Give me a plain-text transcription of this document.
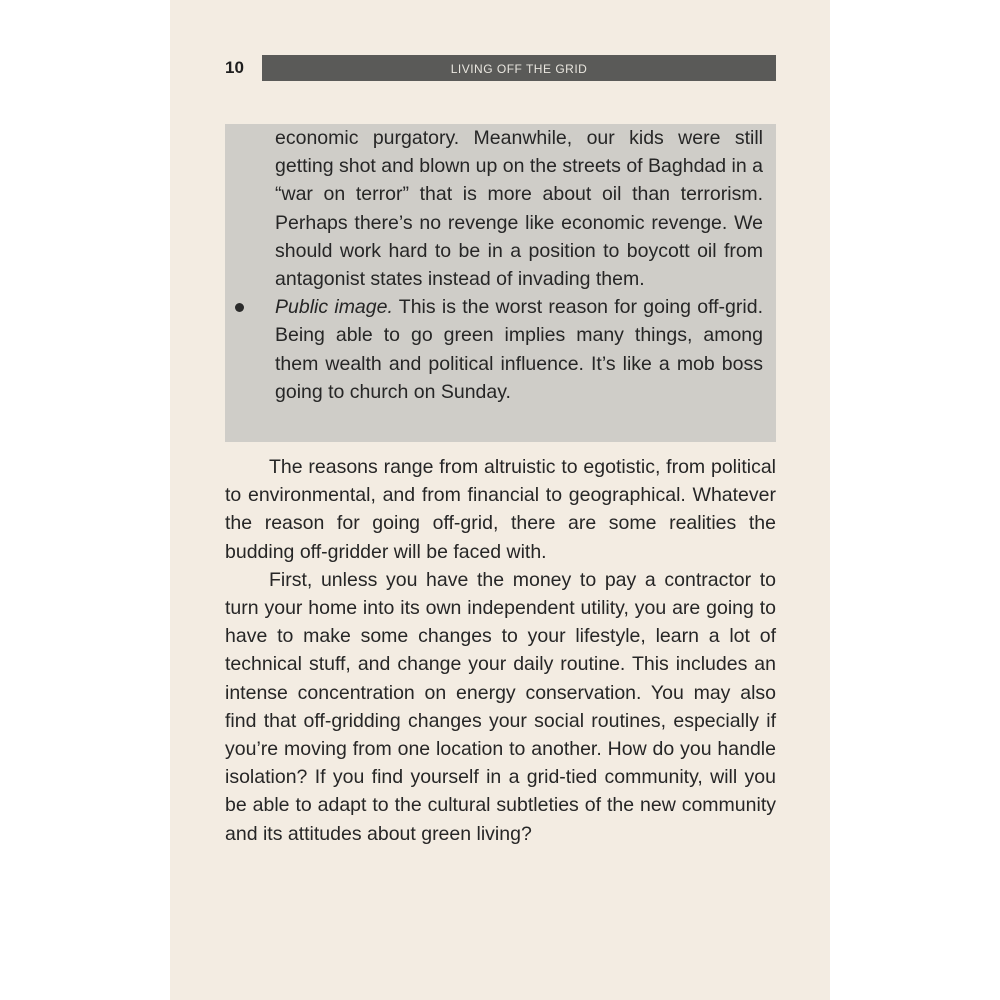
10	LIVING OFF THE GRID

economic purgatory. Meanwhile, our kids were still getting shot and blown up on the streets of Baghdad in a “war on terror” that is more about oil than terrorism. Perhaps there’s no revenge like economic revenge. We should work hard to be in a position to boycott oil from antagonist states instead of invading them.

Public image. This is the worst reason for going off-grid. Being able to go green implies many things, among them wealth and political influence. It’s like a mob boss going to church on Sunday.

The reasons range from altruistic to egotistic, from political to environmental, and from financial to geographical. Whatever the reason for going off-grid, there are some realities the budding off-gridder will be faced with.

First, unless you have the money to pay a contractor to turn your home into its own independent utility, you are going to have to make some changes to your lifestyle, learn a lot of technical stuff, and change your daily routine. This includes an intense concentration on energy conservation. You may also find that off-gridding changes your social routines, especially if you’re moving from one location to another. How do you handle isolation? If you find yourself in a grid-tied community, will you be able to adapt to the cultural subtleties of the new community and its attitudes about green living?
